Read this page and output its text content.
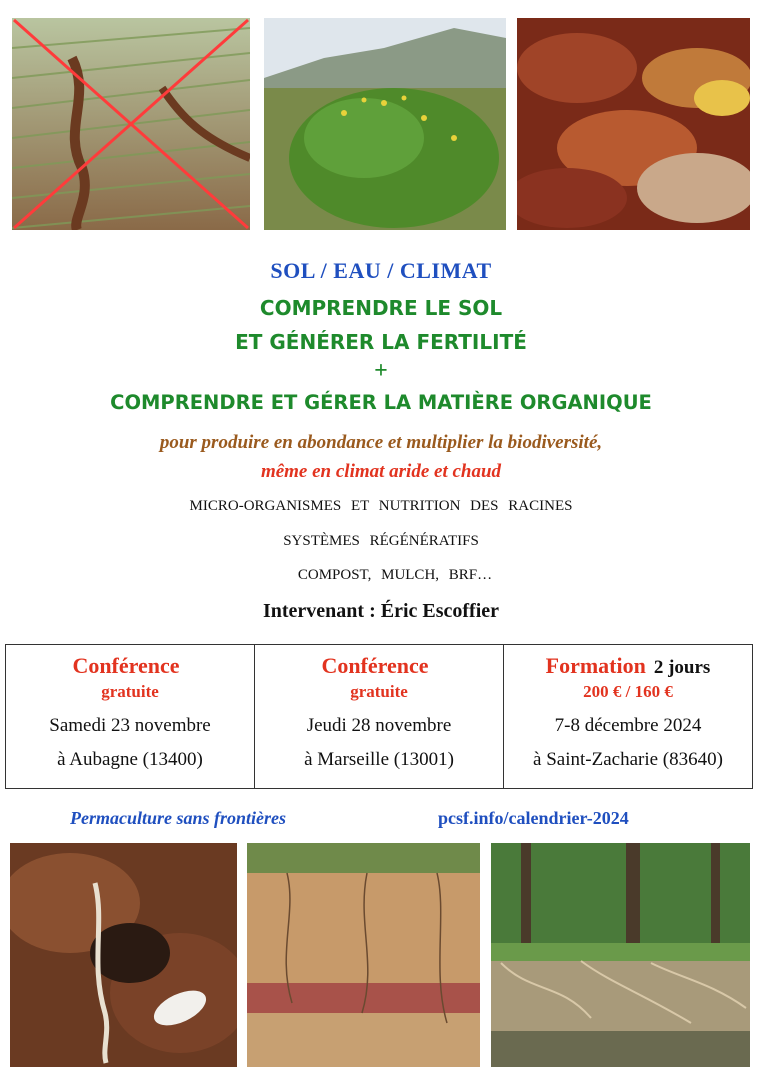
SOL / EAU / CLIMAT
COMPRENDRE LE SOL
ET GÉNÉRER LA FERTILITÉ
+
COMPRENDRE ET GÉRER LA MATIÈRE ORGANIQUE
pour produire en abondance et multiplier la biodiversité,
même en climat aride et chaud
MICRO-ORGANISMES ET NUTRITION DES RACINES
SYSTÈMES RÉGÉNÉRATIFS
COMPOST, MULCH, BRF…
Intervenant : Éric Escoffier
Conférence
gratuite
Samedi 23 novembre
à Aubagne (13400)
Conférence
gratuite
Jeudi 28 novembre
à Marseille (13001)
Formation 2 jours
200 € / 160 €
7-8 décembre 2024
à Saint-Zacharie (83640)
Permaculture sans frontières	pcsf.info/calendrier-2024
